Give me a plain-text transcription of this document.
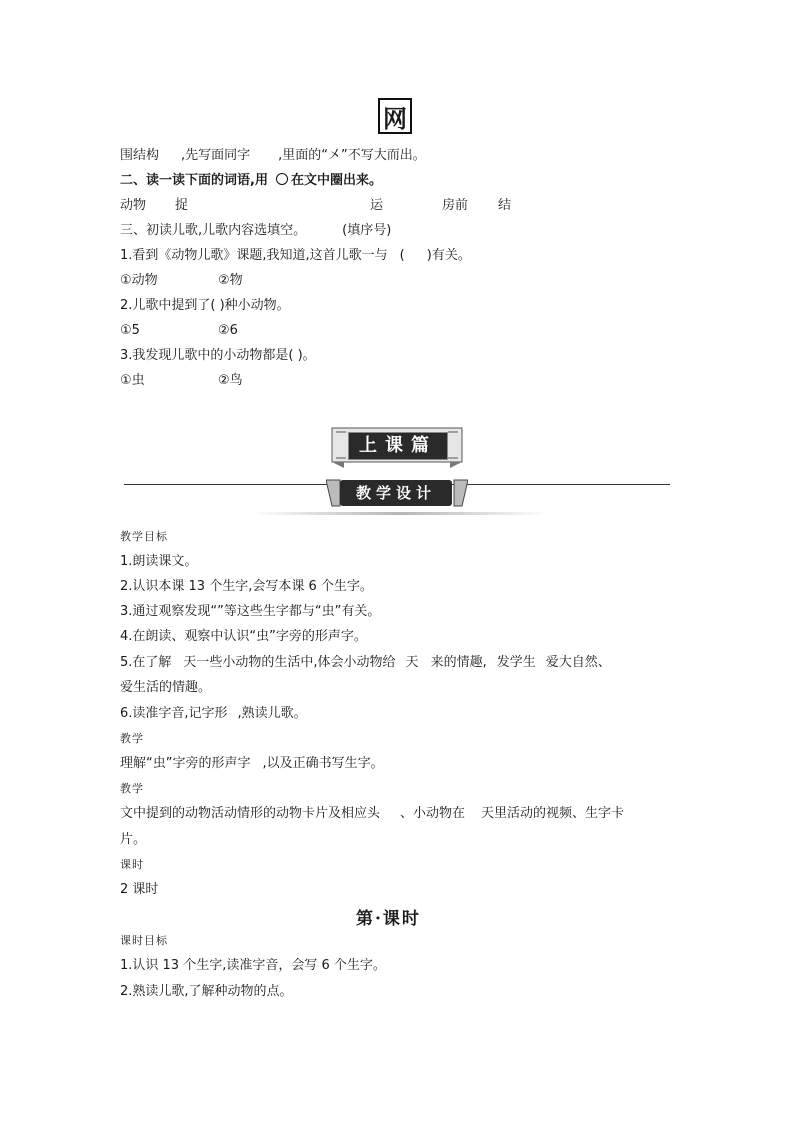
网
围结构 ,先写面同字 ,里面的“㐅”不写大而出。
二、读一读下面的词语,用 ○ 在文中圈出来。
动物 捉	运	房前 结
三、初读儿歌,儿歌内容选填空。	(填序号)
1.看到《动物儿歌》课题,我知道,这首儿歌一与 ( )有关。
①动物	②物
2.儿歌中提到了( )种小动物。
①5	②6
3.我发现儿歌中的小动物都是( )。
①虫	②鸟
上课篇
教学设计
教学目标
1.朗读课文。
2.认识本课 13 个生字,会写本课 6 个生字。
3.通过观察发现“”等这些生字都与“虫”有关。
4.在朗读、观察中认识“虫”字旁的形声字。
5.在了解 天一些小动物的生活中,体会小动物给 天 来的情趣, 发学生 爱大自然、
爱生活的情趣。
6.读准字音,记字形 ,熟读儿歌。
教学
理解“虫”字旁的形声字 ,以及正确书写生字。
教学
文中提到的动物活动情形的动物卡片及相应头 、小动物在 天里活动的视频、生字卡
片。
课时
2 课时
第·课时
课时目标
1.认识 13 个生字,读准字音，会写 6 个生字。
2.熟读儿歌,了解种动物的点。
